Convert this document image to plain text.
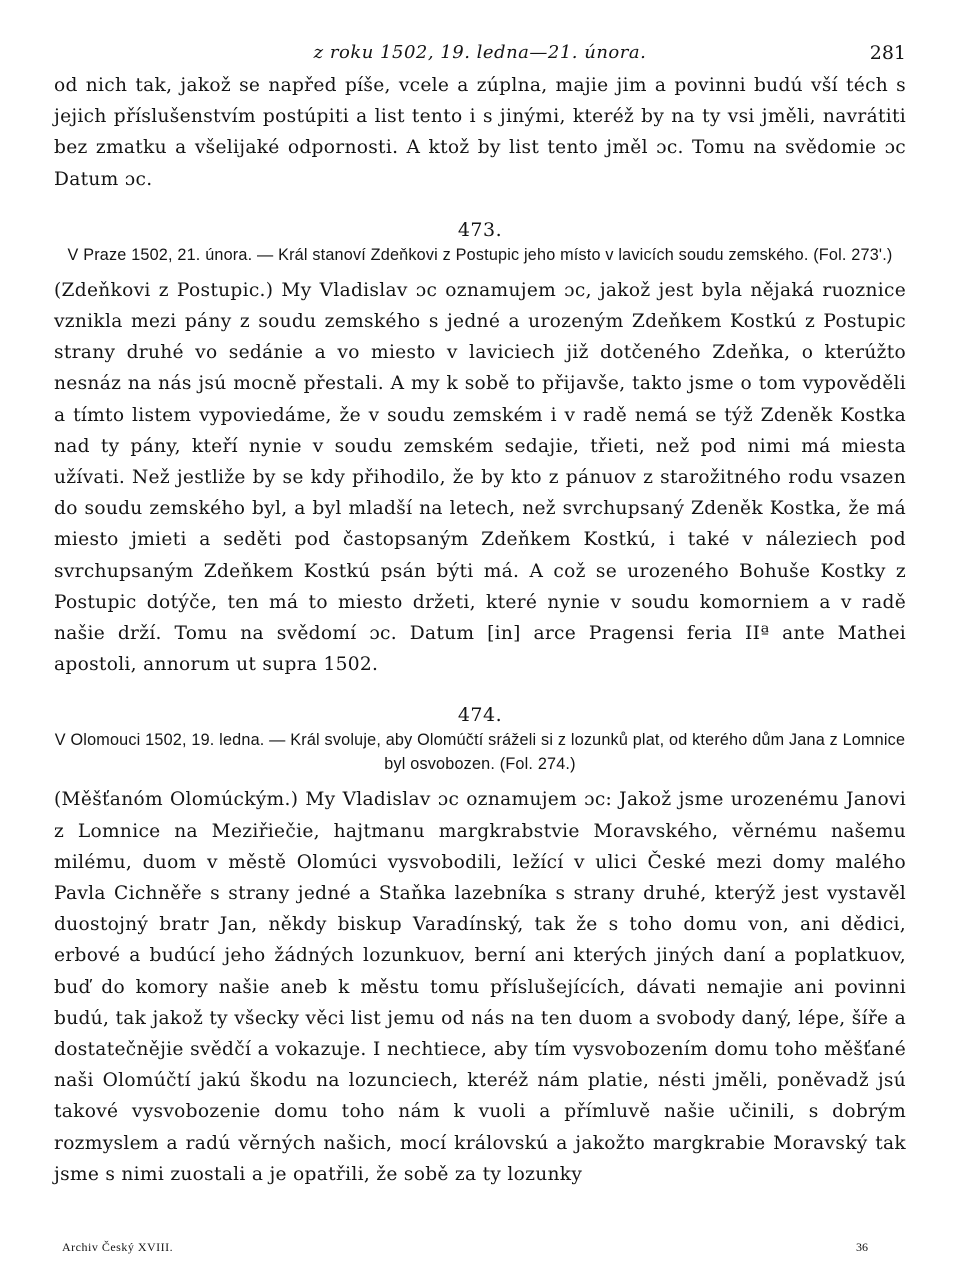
z roku 1502, 19. ledna—21. února.	281

od nich tak, jakož se napřed píše, vcele a zúplna, majie jim a povinni budú vší téch s jejich příslušenstvím postúpiti a list tento i s jinými, kteréž by na ty vsi jměli, navrátiti bez zmatku a všelijaké odpornosti. A ktož by list tento jměl ɔc. Tomu na svědomie ɔc Datum ɔc.

473.
V Praze 1502, 21. února. — Král stanoví Zdeňkovi z Postupic jeho místo v lavicích soudu zemského. (Fol. 273'.)

(Zdeňkovi z Postupic.) My Vladislav ɔc oznamujem ɔc, jakož jest byla nějaká ruoznice vznikla mezi pány z soudu zemského s jedné a urozeným Zdeňkem Kostkú z Postupic strany druhé vo sedánie a vo miesto v laviciech již dotčeného Zdeňka, o kterúžto nesnáz na nás jsú mocně přestali. A my k sobě to přijavše, takto jsme o tom vypověděli a tímto listem vypoviedáme, že v soudu zemském i v radě nemá se týž Zdeněk Kostka nad ty pány, kteří nynie v soudu zemském sedajie, třieti, než pod nimi má miesta užívati. Než jestliže by se kdy přihodilo, že by kto z pánuov z starožitného rodu vsazen do soudu zemského byl, a byl mladší na letech, než svrchupsaný Zdeněk Kostka, že má miesto jmieti a seděti pod častopsaným Zdeňkem Kostkú, i také v náleziech pod svrchupsaným Zdeňkem Kostkú psán býti má. A což se urozeného Bohuše Kostky z Postupic dotýče, ten má to miesto držeti, které nynie v soudu komorniem a v radě našie drží. Tomu na svědomí ɔc. Datum [in] arce Pragensi feria IIª ante Mathei apostoli, annorum ut supra 1502.

474.
V Olomouci 1502, 19. ledna. — Král svoluje, aby Olomúčtí sráželi si z lozunků plat, od kterého dům Jana z Lomnice byl osvobozen. (Fol. 274.)

(Měšťanóm Olomúckým.) My Vladislav ɔc oznamujem ɔc: Jakož jsme urozenému Janovi z Lomnice na Meziřiečie, hajtmanu margkrabstvie Moravského, věrnému našemu milému, duom v městě Olomúci vysvobodili, ležící v ulici České mezi domy malého Pavla Cichněře s strany jedné a Staňka lazebníka s strany druhé, kterýž jest vystavěl duostojný bratr Jan, někdy biskup Varadínský, tak že s toho domu von, ani dědici, erbové a budúcí jeho žádných lozunkuov, berní ani kterých jiných daní a poplatkuov, buď do komory našie aneb k městu tomu příslušejících, dávati nemajie ani povinni budú, tak jakož ty všecky věci list jemu od nás na ten duom a svobody daný, lépe, šíře a dostatečnějie svědčí a vokazuje. I nechtiece, aby tím vysvobozením domu toho měšťané naši Olomúčtí jakú škodu na lozunciech, kteréž nám platie, nésti jměli, poněvadž jsú takové vysvobozenie domu toho nám k vuoli a přímluvě našie učinili, s dobrým rozmyslem a radú věrných našich, mocí královskú a jakožto margkrabie Moravský tak jsme s nimi zuostali a je opatřili, že sobě za ty lozunky

Archiv Český XVIII.	36
